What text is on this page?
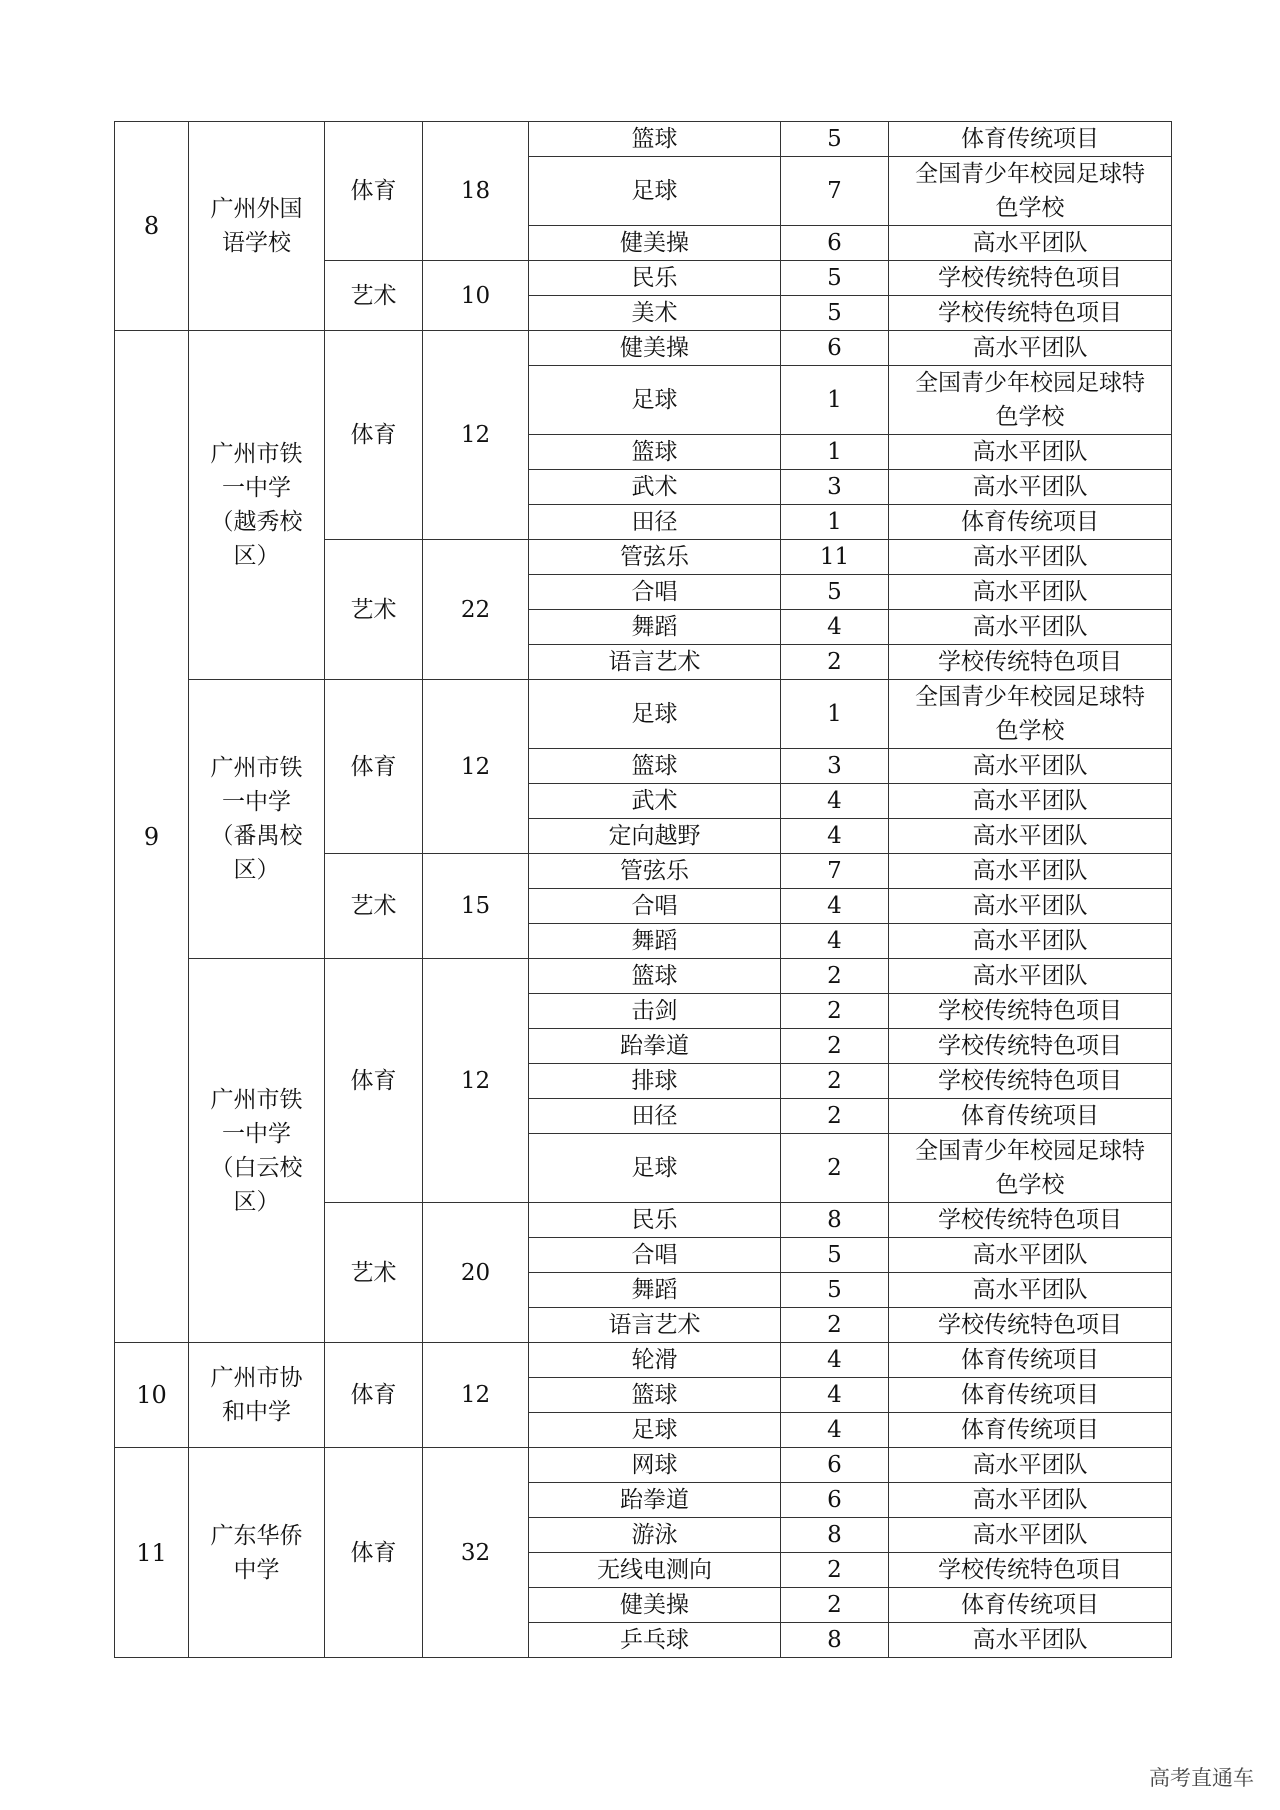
8	广州外国语学校	体育	18	篮球	5	体育传统项目
				足球	7	全国青少年校园足球特色学校
				健美操	6	高水平团队
		艺术	10	民乐	5	学校传统特色项目
				美术	5	学校传统特色项目
9	广州市铁一中学（越秀校区）	体育	12	健美操	6	高水平团队
				足球	1	全国青少年校园足球特色学校
				篮球	1	高水平团队
				武术	3	高水平团队
				田径	1	体育传统项目
		艺术	22	管弦乐	11	高水平团队
				合唱	5	高水平团队
				舞蹈	4	高水平团队
				语言艺术	2	学校传统特色项目
	广州市铁一中学（番禺校区）	体育	12	足球	1	全国青少年校园足球特色学校
				篮球	3	高水平团队
				武术	4	高水平团队
				定向越野	4	高水平团队
		艺术	15	管弦乐	7	高水平团队
				合唱	4	高水平团队
				舞蹈	4	高水平团队
	广州市铁一中学（白云校区）	体育	12	篮球	2	高水平团队
				击剑	2	学校传统特色项目
				跆拳道	2	学校传统特色项目
				排球	2	学校传统特色项目
				田径	2	体育传统项目
				足球	2	全国青少年校园足球特色学校
		艺术	20	民乐	8	学校传统特色项目
				合唱	5	高水平团队
				舞蹈	5	高水平团队
				语言艺术	2	学校传统特色项目
10	广州市协和中学	体育	12	轮滑	4	体育传统项目
				篮球	4	体育传统项目
				足球	4	体育传统项目
11	广东华侨中学	体育	32	网球	6	高水平团队
				跆拳道	6	高水平团队
				游泳	8	高水平团队
				无线电测向	2	学校传统特色项目
				健美操	2	体育传统项目
				乒乓球	8	高水平团队
高考直通车
